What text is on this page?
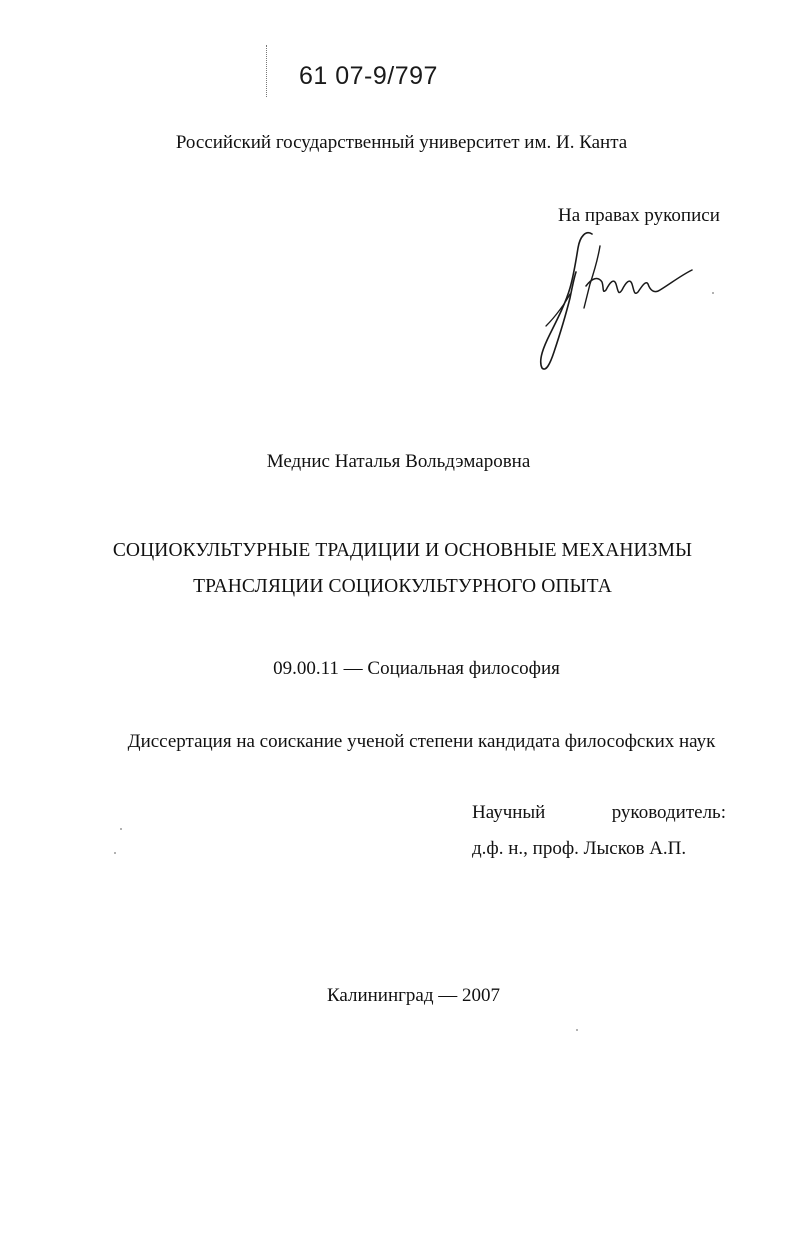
61 07-9/797
Российский государственный университет им. И. Канта
На правах рукописи
Меднис Наталья Вольдэмаровна
СОЦИОКУЛЬТУРНЫЕ ТРАДИЦИИ И ОСНОВНЫЕ МЕХАНИЗМЫ
ТРАНСЛЯЦИИ СОЦИОКУЛЬТУРНОГО ОПЫТА
09.00.11 — Социальная философия
Диссертация на соискание ученой степени кандидата философских наук
Научный	руководитель:
д.ф. н., проф. Лысков А.П.
Калининград — 2007
